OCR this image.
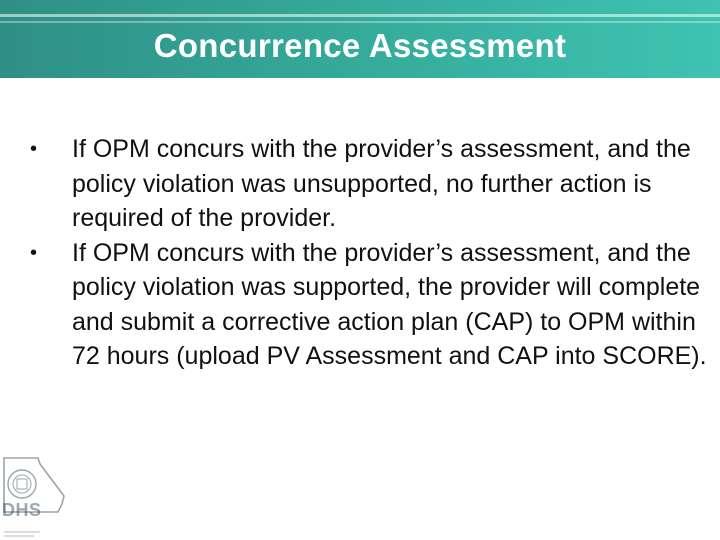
Concurrence Assessment

•	If OPM concurs with the provider’s assessment, and the policy violation was unsupported, no further action is required of the provider.

•	If OPM concurs with the provider’s assessment, and the policy violation was supported, the provider will complete and submit a corrective action plan (CAP) to OPM within 72 hours (upload PV Assessment and CAP into SCORE).

DHS
